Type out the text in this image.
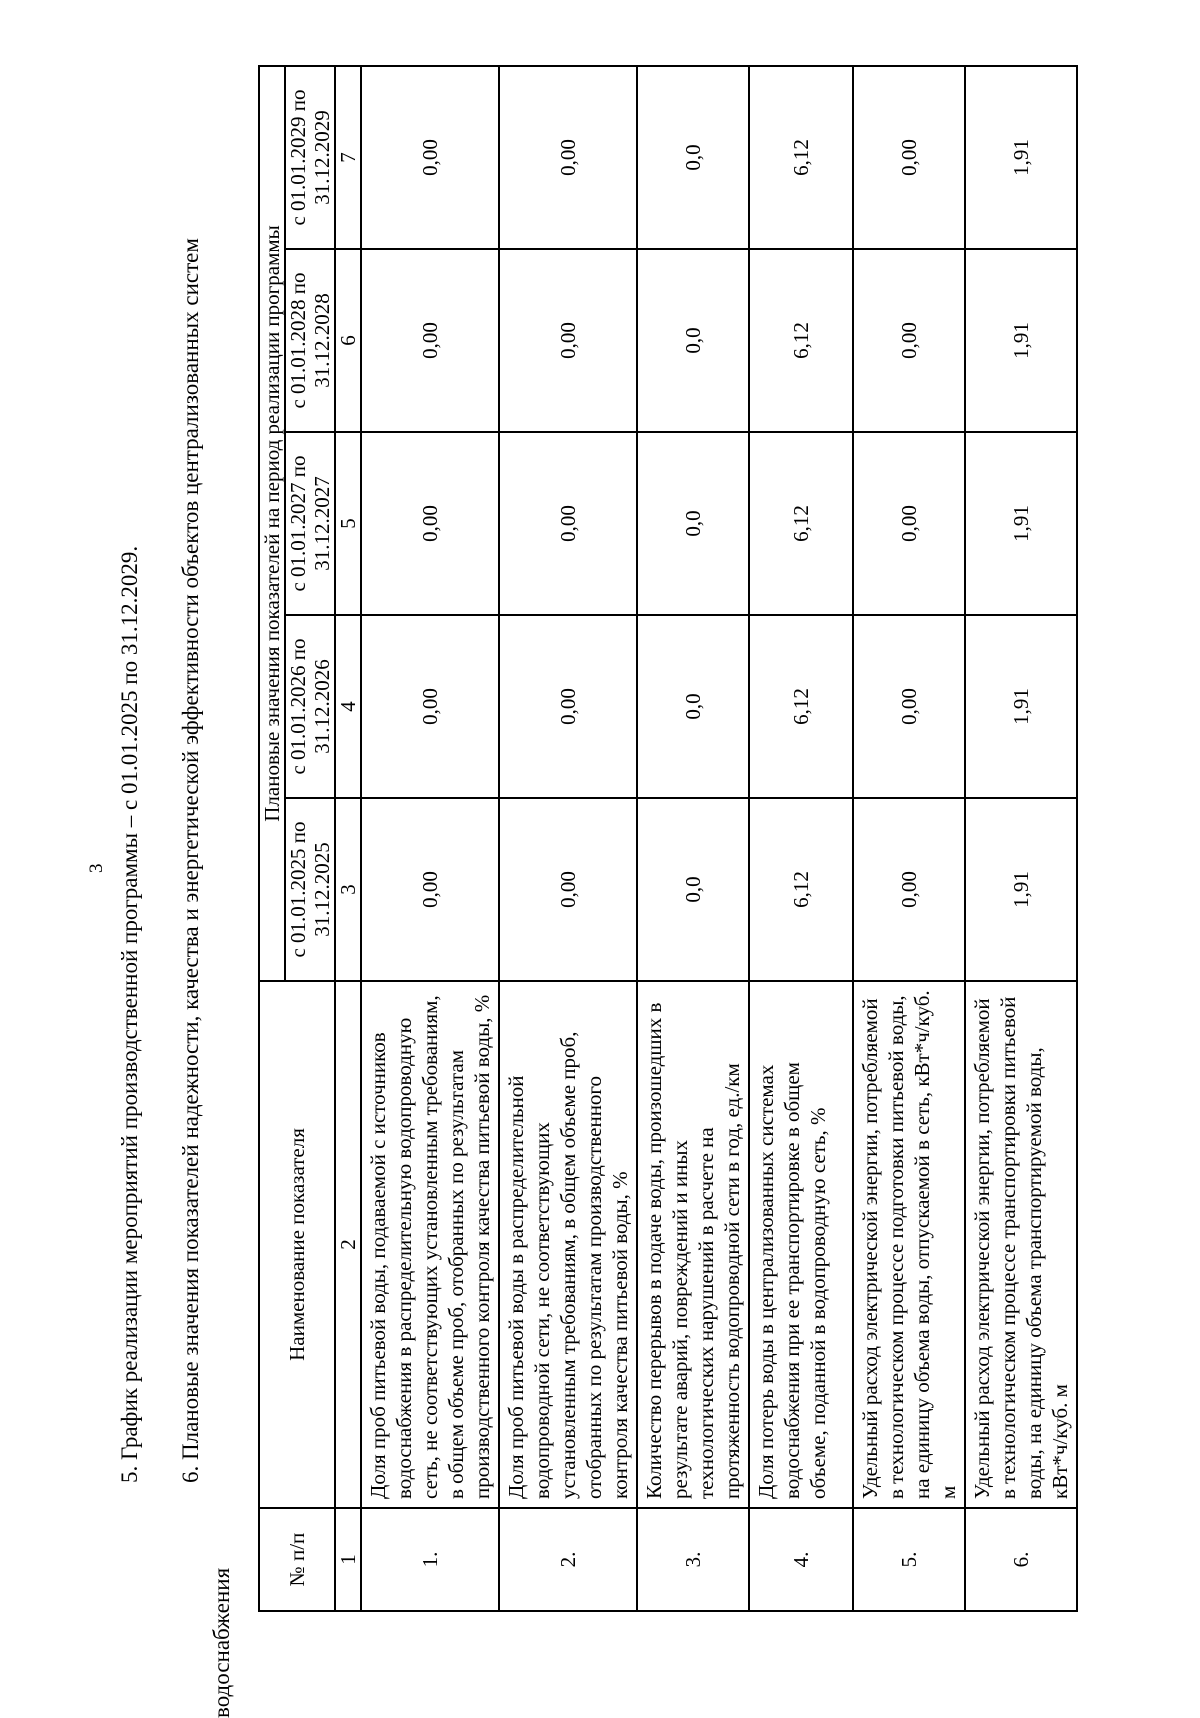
3 5. График реализации мероприятий производственной программы – с 01.01.2025 по 31.12.2029. 6. Плановые значения показателей надежности, качества и энергетической эффективности объектов централизованных систем
водоснабжения
№ п/п	Наименование показателя	Плановые значения показателей на период реализации программы				
		с 01.01.2025 по 31.12.2025	с 01.01.2026 по 31.12.2026	с 01.01.2027 по 31.12.2027	с 01.01.2028 по 31.12.2028	с 01.01.2029 по 31.12.2029
1	2	3	4	5	6	7
1.	Доля проб питьевой воды, подаваемой с источников водоснабжения в распределительную водопроводную сеть, не соответствующих установленным требованиям, в общем объеме проб, отобранных по результатам производственного контроля качества питьевой воды, %	0,00	0,00	0,00	0,00	0,00
2.	Доля проб питьевой воды в распределительной водопроводной сети, не соответствующих установленным требованиям, в общем объеме проб, отобранных по результатам производственного контроля качества питьевой воды, %	0,00	0,00	0,00	0,00	0,00
3.	Количество перерывов в подаче воды, произошедших в результате аварий, повреждений и иных технологических нарушений в расчете на протяженность водопроводной сети в год, ед./км	0,0	0,0	0,0	0,0	0,0
4.	Доля потерь воды в централизованных системах водоснабжения при ее транспортировке в общем объеме, поданной в водопроводную сеть, %	6,12	6,12	6,12	6,12	6,12
5.	Удельный расход электрической энергии, потребляемой в технологическом процессе подготовки питьевой воды, на единицу объема воды, отпускаемой в сеть, кВт*ч/куб. м	0,00	0,00	0,00	0,00	0,00
6.	Удельный расход электрической энергии, потребляемой в технологическом процессе транспортировки питьевой воды, на единицу объема транспортируемой воды, кВт*ч/куб. м	1,91	1,91	1,91	1,91	1,91
